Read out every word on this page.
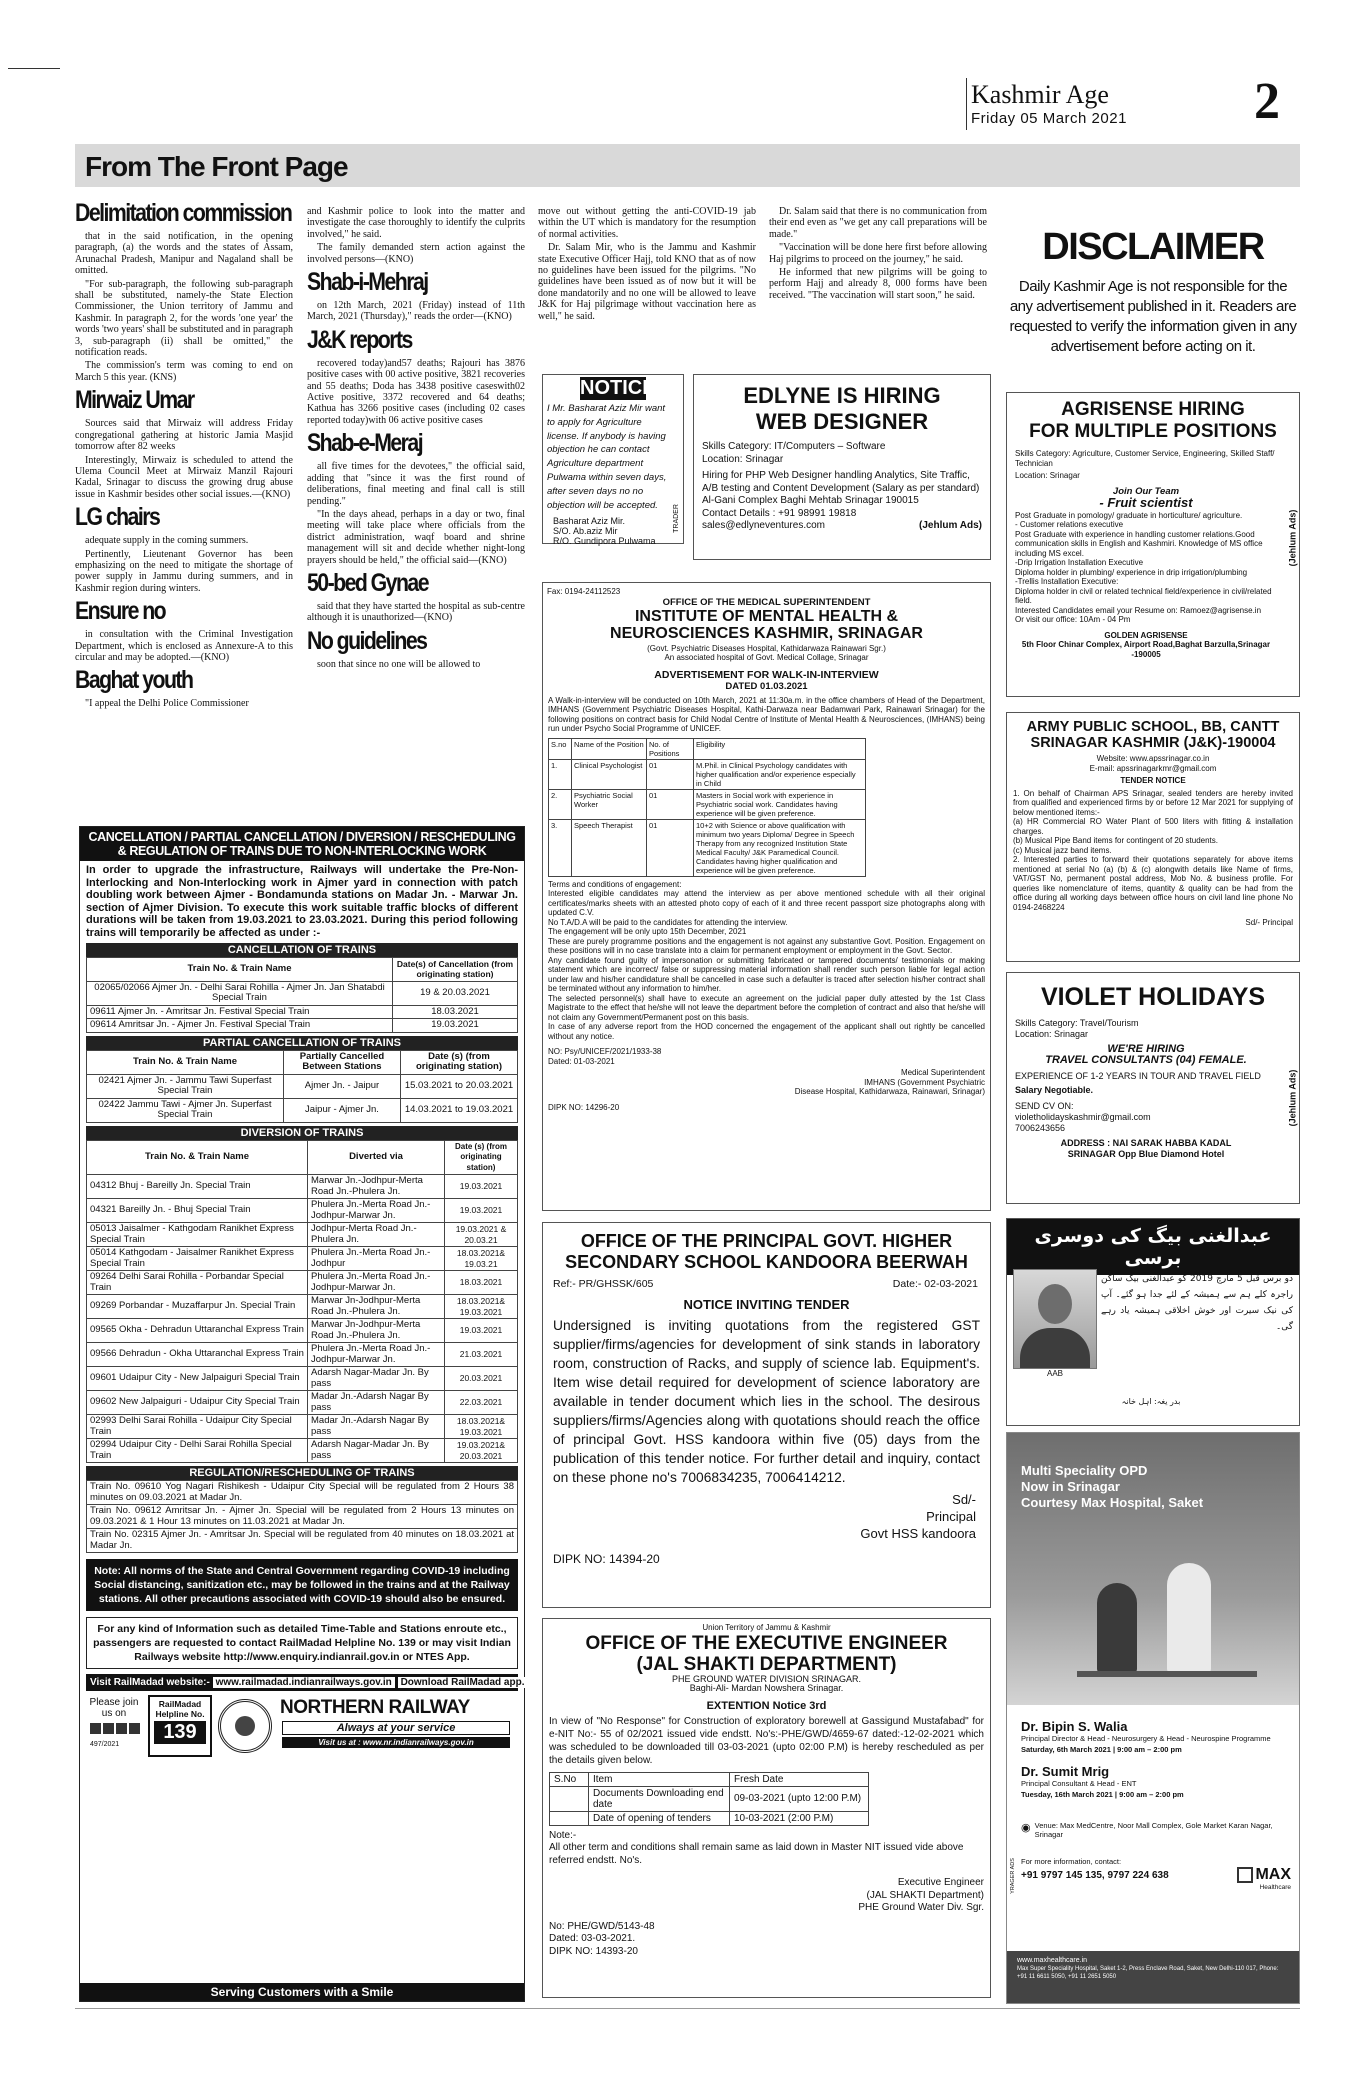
Kashmir Age
Friday 05 March 2021 2
From The Front Page
Delimitation commission

that in the said notification, in the opening paragraph, (a) the words and the states of Assam, Arunachal Pradesh, Manipur and Nagaland shall be omitted.

"For sub-paragraph, the following sub-paragraph shall be substituted, namely-the State Election Commissioner, the Union territory of Jammu and Kashmir. In paragraph 2, for the words 'one year' the words 'two years' shall be substituted and in paragraph 3, sub-paragraph (ii) shall be omitted," the notification reads.

The commission's term was coming to end on March 5 this year. (KNS)

Mirwaiz Umar

Sources said that Mirwaiz will address Friday congregational gathering at historic Jamia Masjid tomorrow after 82 weeks

Interestingly, Mirwaiz is scheduled to attend the Ulema Council Meet at Mirwaiz Manzil Rajouri Kadal, Srinagar to discuss the growing drug abuse issue in Kashmir besides other social issues.—(KNO)

LG chairs

adequate supply in the coming summers.

Pertinently, Lieutenant Governor has been emphasizing on the need to mitigate the shortage of power supply in Jammu during summers, and in Kashmir region during winters.

Ensure no

in consultation with the Criminal Investigation Department, which is enclosed as Annexure-A to this circular and may be adopted.—(KNO)

Baghat youth

"I appeal the Delhi Police Commissioner

and Kashmir police to look into the matter and investigate the case thoroughly to identify the culprits involved," he said.

The family demanded stern action against the involved persons—(KNO)

Shab-i-Mehraj

on 12th March, 2021 (Friday) instead of 11th March, 2021 (Thursday)," reads the order—(KNO)

J&K reports

recovered today)and57 deaths; Rajouri has 3876 positive cases with 00 active positive, 3821 recoveries and 55 deaths; Doda has 3438 positive caseswith02 Active positive, 3372 recovered and 64 deaths; Kathua has 3266 positive cases (including 02 cases reported today)with 06 active positive cases

Shab-e-Meraj

all five times for the devotees," the official said, adding that "since it was the first round of deliberations, final meeting and final call is still pending."

"In the days ahead, perhaps in a day or two, final meeting will take place where officials from the district administration, waqf board and shrine management will sit and decide whether night-long prayers should be held," the official said—(KNO)

50-bed Gynae

said that they have started the hospital as sub-centre although it is unauthorized—(KNO)

No guidelines

soon that since no one will be allowed to

move out without getting the anti-COVID-19 jab within the UT which is mandatory for the resumption of normal activities.

Dr. Salam Mir, who is the Jammu and Kashmir state Executive Officer Hajj, told KNO that as of now no guidelines have been issued for the pilgrims. "No guidelines have been issued as of now but it will be done mandatorily and no one will be allowed to leave J&K for Haj pilgrimage without vaccination here as well," he said.

Dr. Salam said that there is no communication from their end even as "we get any call preparations will be made."

"Vaccination will be done here first before allowing Haj pilgrims to proceed on the journey," he said.

He informed that new pilgrims will be going to perform Hajj and already 8, 000 forms have been received. "The vaccination will start soon," he said.

DISCLAIMER
Daily Kashmir Age is not responsible for the any advertisement published in it. Readers are requested to verify the information given in any advertisement before acting on it.
NOTICE
I Mr. Basharat Aziz Mir want to apply for Agriculture license. If anybody is having objection he can contact Agriculture department Pulwama within seven days, after seven days no no objection will be accepted.
Basharat Aziz Mir.
S/O. Ab.aziz Mir
R/O. Gundipora Pulwama
TRADER
EDLYNE IS HIRING
WEB DESIGNER
Skills Category: IT/Computers – Software
Location: Srinagar
Hiring for PHP Web Designer handling Analytics, Site Traffic, A/B testing and Content Development (Salary as per standard)
Al-Gani Complex Baghi Mehtab Srinagar 190015
Contact Details : +91 98991 19818
sales@edlyneventures.com	(Jehlum Ads)
AGRISENSE HIRING
FOR MULTIPLE POSITIONS
Skills Category: Agriculture, Customer Service, Engineering, Skilled Staff/ Technician
Location: Srinagar
Join Our Team
- Fruit scientist
Post Graduate in pomology/ graduate in horticulture/ agriculture.
- Customer relations executive
Post Graduate with experience in handling customer relations.Good communication skills in English and Kashmiri. Knowledge of MS office including MS excel.
-Drip Irrigation Installation Executive
Diploma holder in plumbing/ experience in drip irrigation/plumbing
-Trellis Installation Executive:
Diploma holder in civil or related technical field/experience in civil/related field.
Interested Candidates email your Resume on: Ramoez@agrisense.in
Or visit our office: 10Am - 04 Pm
GOLDEN AGRISENSE
5th Floor Chinar Complex, Airport Road,Baghat Barzulla,Srinagar -190005
(Jehlum Ads)
Fax: 0194-24112523
OFFICE OF THE MEDICAL SUPERINTENDENT
INSTITUTE OF MENTAL HEALTH &
NEUROSCIENCES KASHMIR, SRINAGAR
(Govt. Psychiatric Diseases Hospital, Kathidarwaza Rainawari Sgr.)
An associated hospital of Govt. Medical Collage, Srinagar
ADVERTISEMENT FOR WALK-IN-INTERVIEW
DATED 01.03.2021
A Walk-in-interview will be conducted on 10th March, 2021 at 11:30a.m. in the office chambers of Head of the Department, IMHANS (Government Psychiatric Diseases Hospital, Kathi-Darwaza near Badamwari Park, Rainawari Srinagar) for the following positions on contract basis for Child Nodal Centre of Institute of Mental Health & Neurosciences, (IMHANS) being run under Psycho Social Programme of UNICEF.
S.no	Name of the Position	No. of Positions	Eligibility
1.	Clinical Psychologist	01	M.Phil. in Clinical Psychology candidates with higher qualification and/or experience especially in Child
2.	Psychiatric Social Worker	01	Masters in Social work with experience in Psychiatric social work. Candidates having experience will be given preference.
3.	Speech Therapist	01	10+2 with Science or above qualification with minimum two years Diploma/ Degree in Speech Therapy from any recognized Institution State Medical Faculty/ J&K Paramedical Council. Candidates having higher qualification and experience will be given preference.
Terms and conditions of engagement:
Interested eligible candidates may attend the interview as per above mentioned schedule with all their original certificates/marks sheets with an attested photo copy of each of it and three recent passport size photographs along with updated C.V.
No T.A/D.A will be paid to the candidates for attending the interview.
The engagement will be only upto 15th December, 2021
These are purely programme positions and the engagement is not against any substantive Govt. Position. Engagement on these positions will in no case translate into a claim for permanent employment or employment in the Govt. Sector.
Any candidate found guilty of impersonation or submitting fabricated or tampered documents/ testimonials or making statement which are incorrect/ false or suppressing material information shall render such person liable for legal action under law and his/her candidature shall be cancelled in case such a defaulter is traced after selection his/her contract shall be terminated without any information to him/her.
The selected personnel(s) shall have to execute an agreement on the judicial paper dully attested by the 1st Class Magistrate to the effect that he/she will not leave the department before the completion of contract and also that he/she will not claim any Government/Permanent post on this basis.
In case of any adverse report from the HOD concerned the engagement of the applicant shall out rightly be cancelled without any notice.
NO: Psy/UNICEF/2021/1933-38
Dated: 01-03-2021
Medical Superintendent
IMHANS (Government Psychiatric
Disease Hospital, Kathidarwaza, Rainawari, Srinagar)
DIPK NO: 14296-20
ARMY PUBLIC SCHOOL, BB, CANTT
SRINAGAR KASHMIR (J&K)-190004
Website: www.apssrinagar.co.in
E-mail: apssrinagarkmr@gmail.com
TENDER NOTICE
1. On behalf of Chairman APS Srinagar, sealed tenders are hereby invited from qualified and experienced firms by or before 12 Mar 2021 for supplying of below mentioned items:-
(a) HR Commercial RO Water Plant of 500 liters with fitting & installation charges.
(b) Musical Pipe Band items for contingent of 20 students.
(c) Musical jazz band items.
2. Interested parties to forward their quotations separately for above items mentioned at serial No (a) (b) & (c) alongwith details like Name of firms, VAT/GST No, permanent postal address, Mob No. & business profile. For queries like nomenclature of items, quantity & quality can be had from the office during all working days between office hours on civil land line phone No 0194-2468224
Sd/- Principal
VIOLET HOLIDAYS
Skills Category: Travel/Tourism
Location: Srinagar
WE'RE HIRING
TRAVEL CONSULTANTS (04) FEMALE.
EXPERIENCE OF 1-2 YEARS IN TOUR AND TRAVEL FIELD
Salary Negotiable.
SEND CV ON:
violetholidayskashmir@gmail.com
7006243656
ADDRESS : NAI SARAK HABBA KADAL
SRINAGAR Opp Blue Diamond Hotel
(Jehlum Ads)
OFFICE OF THE PRINCIPAL GOVT. HIGHER
SECONDARY SCHOOL KANDOORA BEERWAH
Ref:- PR/GHSSK/605	Date:- 02-03-2021
NOTICE INVITING TENDER
Undersigned is inviting quotations from the registered GST supplier/firms/agencies for development of sink stands in laboratory room, construction of Racks, and supply of science lab. Equipment's. Item wise detail required for development of science laboratory are available in tender document which lies in the school. The desirous suppliers/firms/Agencies along with quotations should reach the office of principal Govt. HSS kandoora within five (05) days from the publication of this tender notice. For further detail and inquiry, contact on these phone no's 7006834235, 7006414212.
Sd/-
Principal
Govt HSS kandoora
DIPK NO: 14394-20
عبدالغنی بیگ کی دوسری برسی
AAB
دو برس قبل 5 مارچ 2019 کو عبدالغنی بیگ ساکن راجرہ کلے ہم سے ہمیشہ کے لئے جدا ہو گئے۔ آپ کی نیک سیرت اور خوش اخلاقی ہمیشہ یاد رہے گی۔
بدر یغہ: اہل خانہ
Union Territory of Jammu & Kashmir
OFFICE OF THE EXECUTIVE ENGINEER
(JAL SHAKTI DEPARTMENT)
PHE GROUND WATER DIVISION SRINAGAR.
Baghi-Ali- Mardan Nowshera Srinagar.
EXTENTION Notice 3rd
In view of "No Response" for Construction of exploratory borewell at Gassigund Mustafabad" for e-NIT No:- 55 of 02/2021 issued vide endstt. No's:-PHE/GWD/4659-67 dated:-12-02-2021 which was scheduled to be downloaded till 03-03-2021 (upto 02:00 P.M) is hereby rescheduled as per the details given below.
S.No	Item	Fresh Date
	Documents Downloading end date	09-03-2021 (upto 12:00 P.M)
	Date of opening of tenders	10-03-2021 (2:00 P.M)
Note:-
All other term and conditions shall remain same as laid down in Master NIT issued vide above referred endstt. No's.
Executive Engineer
(JAL SHAKTI Department)
PHE Ground Water Div. Sgr.
No: PHE/GWD/5143-48
Dated: 03-03-2021.
DIPK NO: 14393-20
Multi Speciality OPD
Now in Srinagar
Courtesy Max Hospital, Saket
Dr. Bipin S. Walia
Principal Director & Head - Neurosurgery & Head - Neurospine Programme
Saturday, 6th March 2021 | 9:00 am – 2:00 pm
Dr. Sumit Mrig
Principal Consultant & Head - ENT
Tuesday, 16th March 2021 | 9:00 am – 2:00 pm
◉ Venue: Max MedCentre, Noor Mall Complex, Gole Market Karan Nagar, Srinagar
For more information, contact:
+91 9797 145 135, 9797 224 638	MAX
Healthcare
www.maxhealthcare.in
Max Super Speciality Hospital, Saket 1-2, Press Enclave Road, Saket, New Delhi-110 017, Phone: +91 11 6611 5050, +91 11 2651 5050
YRAGER ADS
CANCELLATION / PARTIAL CANCELLATION / DIVERSION / RESCHEDULING
& REGULATION OF TRAINS DUE TO NON-INTERLOCKING WORK
In order to upgrade the infrastructure, Railways will undertake the Pre-Non-Interlocking and Non-Interlocking work in Ajmer yard in connection with patch doubling work between Ajmer - Bondamunda stations on Madar Jn. - Marwar Jn. section of Ajmer Division. To execute this work suitable traffic blocks of different durations will be taken from 19.03.2021 to 23.03.2021. During this period following trains will temporarily be affected as under :-
CANCELLATION OF TRAINS
Train No. & Train Name	Date(s) of Cancellation (from originating station)
02065/02066 Ajmer Jn. - Delhi Sarai Rohilla - Ajmer Jn. Jan Shatabdi Special Train	19 & 20.03.2021
09611 Ajmer Jn. - Amritsar Jn. Festival Special Train	18.03.2021
09614 Amritsar Jn. - Ajmer Jn. Festival Special Train	19.03.2021
PARTIAL CANCELLATION OF TRAINS
Train No. & Train Name	Partially Cancelled Between Stations	Date (s) (from originating station)
02421 Ajmer Jn. - Jammu Tawi Superfast Special Train	Ajmer Jn. - Jaipur	15.03.2021 to 20.03.2021
02422 Jammu Tawi - Ajmer Jn. Superfast Special Train	Jaipur - Ajmer Jn.	14.03.2021 to 19.03.2021
DIVERSION OF TRAINS
Train No. & Train Name	Diverted via	Date (s) (from originating station)
04312 Bhuj - Bareilly Jn. Special Train	Marwar Jn.-Jodhpur-Merta Road Jn.-Phulera Jn.	19.03.2021
04321 Bareilly Jn. - Bhuj Special Train	Phulera Jn.-Merta Road Jn.-Jodhpur-Marwar Jn.	19.03.2021
05013 Jaisalmer - Kathgodam Ranikhet Express Special Train	Jodhpur-Merta Road Jn.-Phulera Jn.	19.03.2021 & 20.03.21
05014 Kathgodam - Jaisalmer Ranikhet Express Special Train	Phulera Jn.-Merta Road Jn.-Jodhpur	18.03.2021& 19.03.21
09264 Delhi Sarai Rohilla - Porbandar Special Train	Phulera Jn.-Merta Road Jn.-Jodhpur-Marwar Jn.	18.03.2021
09269 Porbandar - Muzaffarpur Jn. Special Train	Marwar Jn-Jodhpur-Merta Road Jn.-Phulera Jn.	18.03.2021& 19.03.2021
09565 Okha - Dehradun Uttaranchal Express Train	Marwar Jn-Jodhpur-Merta Road Jn.-Phulera Jn.	19.03.2021
09566 Dehradun - Okha Uttaranchal Express Train	Phulera Jn.-Merta Road Jn.-Jodhpur-Marwar Jn.	21.03.2021
09601 Udaipur City - New Jalpaiguri Special Train	Adarsh Nagar-Madar Jn. By pass	20.03.2021
09602 New Jalpaiguri - Udaipur City Special Train	Madar Jn.-Adarsh Nagar By pass	22.03.2021
02993 Delhi Sarai Rohilla - Udaipur City Special Train	Madar Jn.-Adarsh Nagar By pass	18.03.2021& 19.03.2021
02994 Udaipur City - Delhi Sarai Rohilla Special Train	Adarsh Nagar-Madar Jn. By pass	19.03.2021& 20.03.2021
REGULATION/RESCHEDULING OF TRAINS
Train No. 09610 Yog Nagari Rishikesh - Udaipur City Special will be regulated from 2 Hours 38 minutes on 09.03.2021 at Madar Jn.
Train No. 09612 Amritsar Jn. - Ajmer Jn. Special will be regulated from 2 Hours 13 minutes on 09.03.2021 & 1 Hour 13 minutes on 11.03.2021 at Madar Jn.
Train No. 02315 Ajmer Jn. - Amritsar Jn. Special will be regulated from 40 minutes on 18.03.2021 at Madar Jn.
Note: All norms of the State and Central Government regarding COVID-19 including Social distancing, sanitization etc., may be followed in the trains and at the Railway stations. All other precautions associated with COVID-19 should also be ensured.
For any kind of Information such as detailed Time-Table and Stations enroute etc., passengers are requested to contact RailMadad Helpline No. 139 or may visit Indian Railways website http://www.enquiry.indianrail.gov.in or NTES App.
Visit RailMadad website:- www.railmadad.indianrailways.gov.in Download RailMadad app.
Please join us on
497/2021
RailMadad Helpline No.
139
NORTHERN RAILWAY
Always at your service
Visit us at : www.nr.indianrailways.gov.in
Serving Customers with a Smile
